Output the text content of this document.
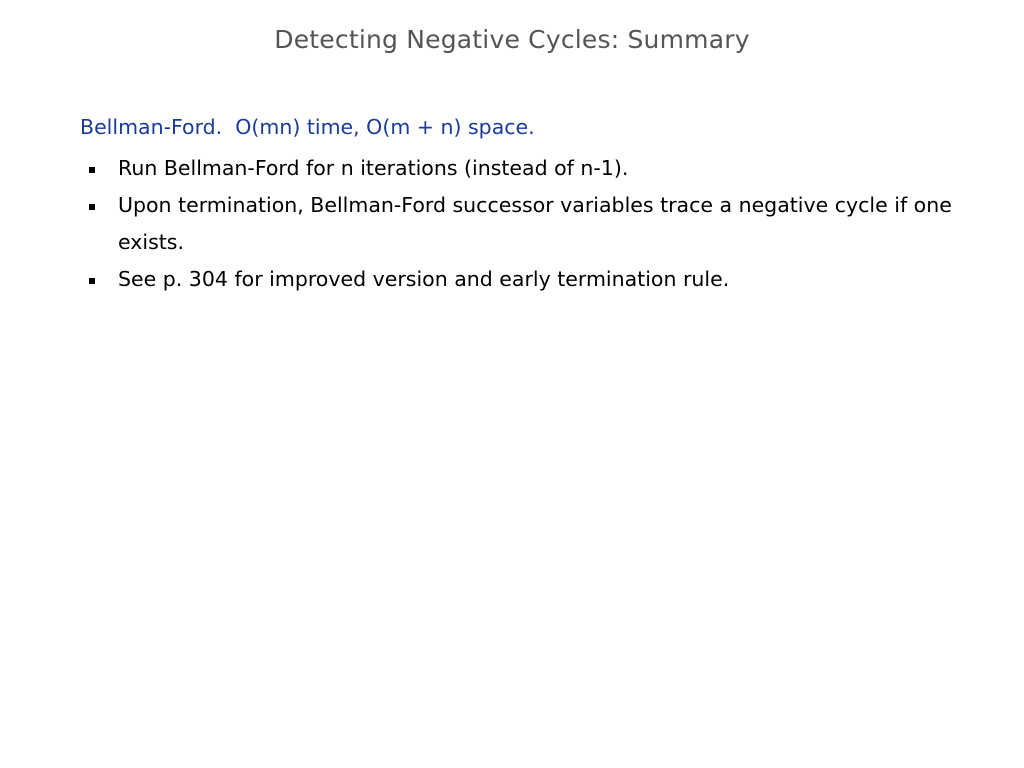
Detecting Negative Cycles: Summary
Bellman-Ford.  O(mn) time, O(m + n) space.
Run Bellman-Ford for n iterations (instead of n-1).
Upon termination, Bellman-Ford successor variables trace a negative cycle if one exists.
See p. 304 for improved version and early termination rule.
